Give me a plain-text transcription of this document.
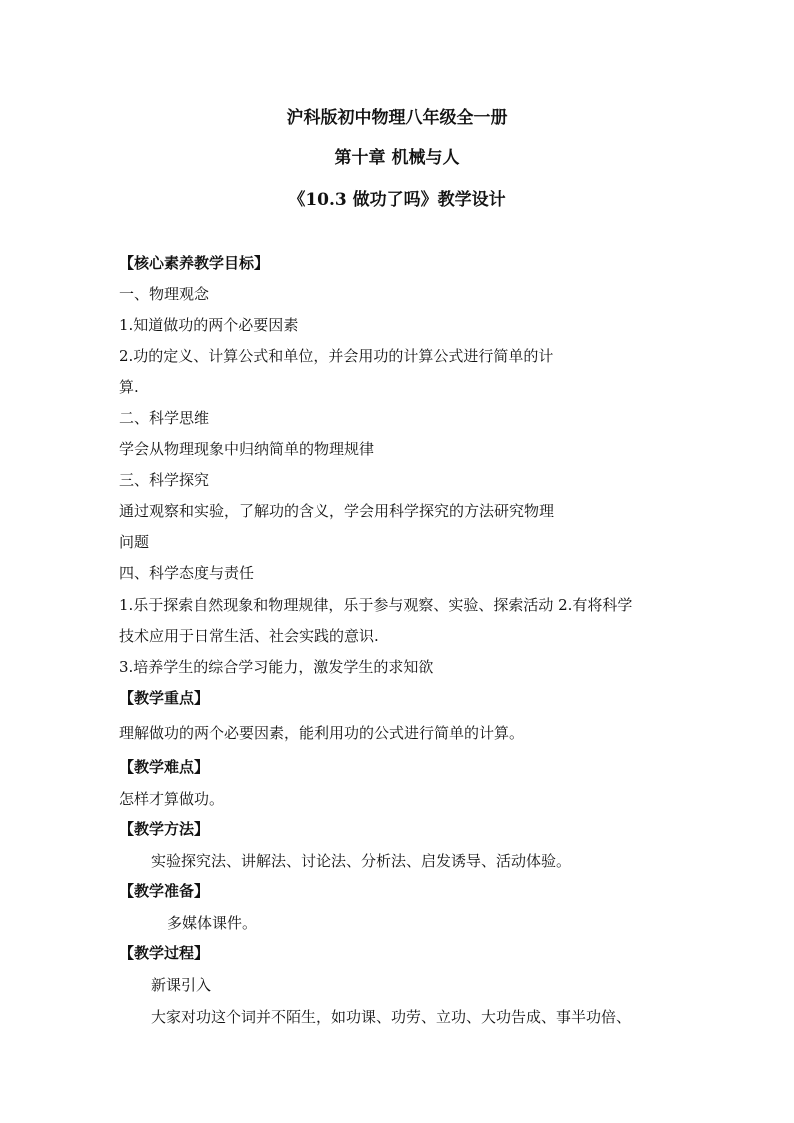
沪科版初中物理八年级全一册
第十章 机械与人
《10.3 做功了吗》教学设计
【核心素养教学目标】
一、物理观念
1.知道做功的两个必要因素
2.功的定义、计算公式和单位，并会用功的计算公式进行简单的计
算.
二、科学思维
学会从物理现象中归纳简单的物理规律
三、科学探究
通过观察和实验，了解功的含义，学会用科学探究的方法研究物理
问题
四、科学态度与责任
1.乐于探索自然现象和物理规律，乐于参与观察、实验、探索活动 2.有将科学
技术应用于日常生活、社会实践的意识.
3.培养学生的综合学习能力，激发学生的求知欲
【教学重点】
理解做功的两个必要因素，能利用功的公式进行简单的计算。
【教学难点】
怎样才算做功。
【教学方法】
实验探究法、讲解法、讨论法、分析法、启发诱导、活动体验。
【教学准备】
多媒体课件。
【教学过程】
新课引入
大家对功这个词并不陌生，如功课、功劳、立功、大功告成、事半功倍、
